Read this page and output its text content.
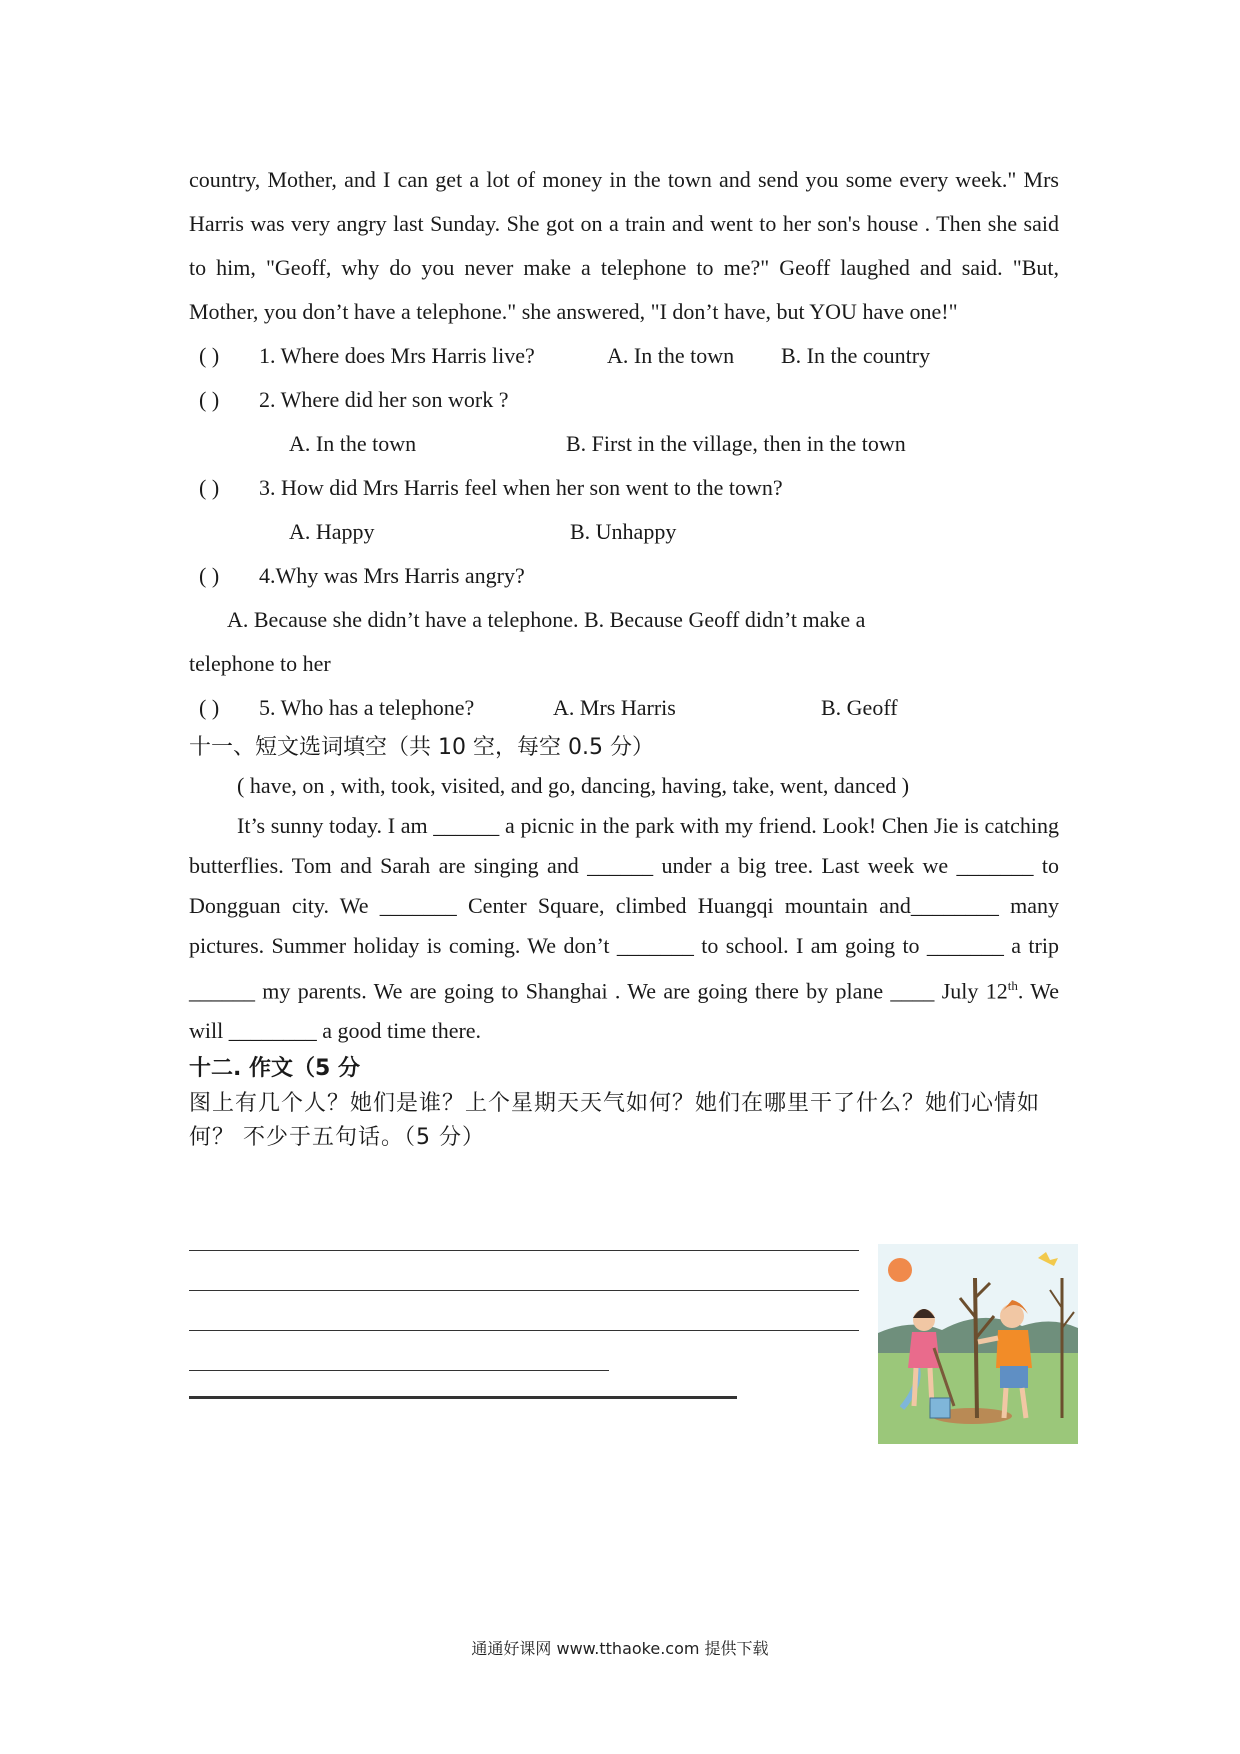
country, Mother, and I can get a lot of money in the town and send you some every week." Mrs Harris was very angry last Sunday. She got on a train and went to her son's house . Then she said to him, "Geoff, why do you never make a telephone to me?" Geoff laughed and said. "But, Mother, you don’t have a telephone." she answered, "I don’t have, but YOU have one!"

( ) 1. Where does Mrs Harris live?	A. In the town B. In the country
( ) 2. Where did her son work ?
A. In the town	B. First in the village, then in the town
( ) 3. How did Mrs Harris feel when her son went to the town?
A. Happy	B. Unhappy
( ) 4.Why was Mrs Harris angry?

A. Because she didn’t have a telephone. B. Because Geoff didn’t make a

telephone to her

( ) 5. Who has a telephone?	A. Mrs Harris	B. Geoff

十一、短文选词填空（共 10 空，每空 0.5 分）

( have, on , with, took, visited, and go, dancing, having, take, went, danced )

It’s sunny today. I am ______ a picnic in the park with my friend. Look! Chen Jie is catching butterflies. Tom and Sarah are singing and ______ under a big tree. Last week we _______ to Dongguan city. We _______ Center Square, climbed Huangqi mountain and________ many pictures. Summer holiday is coming. We don’t _______ to school. I am going to _______ a trip ______ my parents. We are going to Shanghai . We are going there by plane ____ July 12th. We will ________ a good time there.

十二. 作文（5 分

图上有几个人？她们是谁？上个星期天天气如何？她们在哪里干了什么？她们心情如何？ 不少于五句话。（5 分）

通通好课网 www.tthaoke.com 提供下载
